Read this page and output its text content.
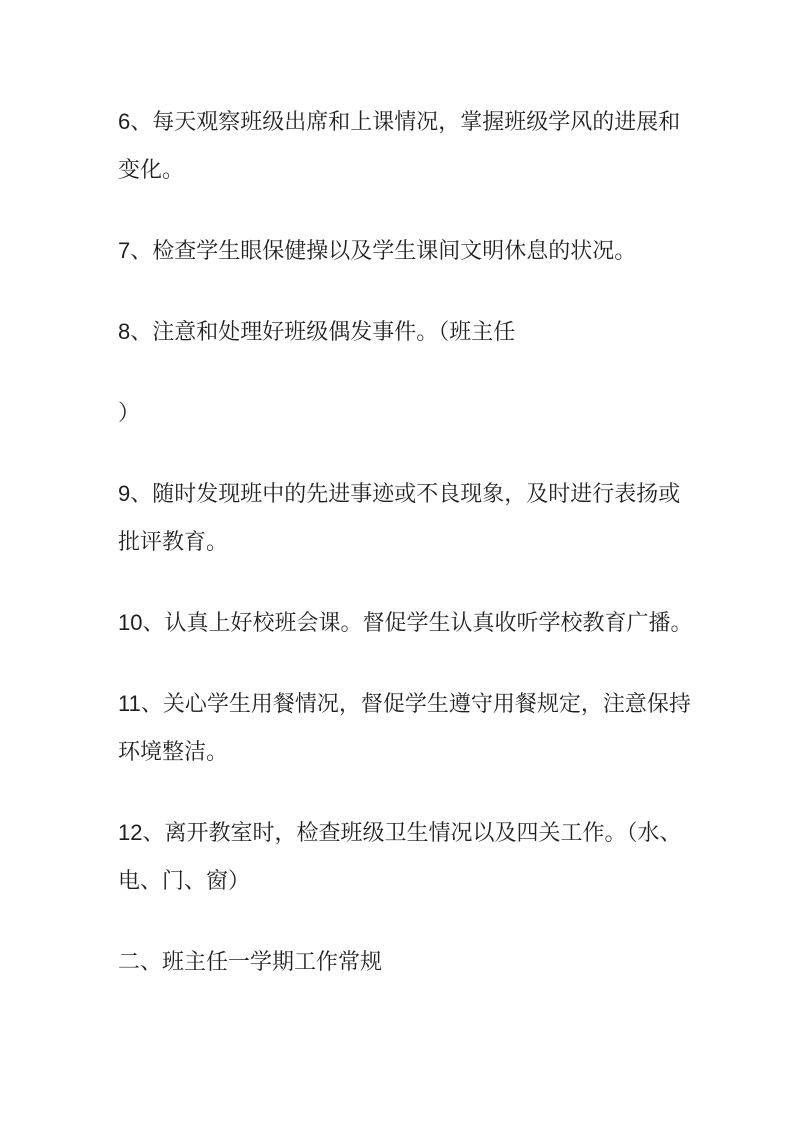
6、每天观察班级出席和上课情况，掌握班级学风的进展和变化。

7、检查学生眼保健操以及学生课间文明休息的状况。

8、注意和处理好班级偶发事件。（班主任

）

9、随时发现班中的先进事迹或不良现象，及时进行表扬或批评教育。

10、认真上好校班会课。督促学生认真收听学校教育广播。

11、关心学生用餐情况，督促学生遵守用餐规定，注意保持环境整洁。

12、离开教室时，检查班级卫生情况以及四关工作。（水、电、门、窗）

二、班主任一学期工作常规
